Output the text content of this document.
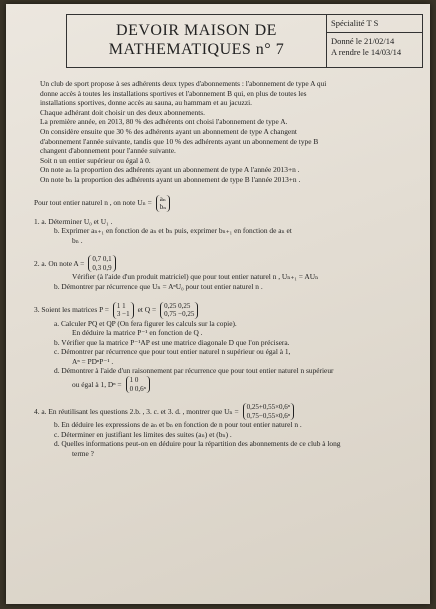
DEVOIR MAISON DE
MATHEMATIQUES n° 7
Spécialité T S
Donné le 21/02/14
A rendre le 14/03/14

Un club de sport propose à ses adhérents deux types d'abonnements : l'abonnement de type A qui

donne accès à toutes les installations sportives et l'abonnement B qui, en plus de toutes les

installations sportives, donne accès au sauna, au hammam et au jacuzzi.

Chaque adhérant doit choisir un des deux abonnements.

La première année, en 2013, 80 % des adhérents ont choisi l'abonnement de type A.

On considère ensuite que 30 % des adhérents ayant un abonnement de type A changent

d'abonnement l'année suivante, tandis que 10 % des adhérents ayant un abonnement de type B

changent d'abonnement pour l'année suivante.

Soit n un entier supérieur ou égal à 0.

On note aₙ la proportion des adhérents ayant un abonnement de type A l'année 2013+n .

On note bₙ la proportion des adhérents ayant un abonnement de type B l'année 2013+n .

Pour tout entier naturel n , on note Uₙ = aₙ
bₙ

1. a. Déterminer U₀ et U₁ .

b. Exprimer aₙ₊₁ en fonction de aₙ et bₙ puis, exprimer bₙ₊₁ en fonction de aₙ et

bₙ .

2. a. On note A = 0,7 0,1
0,3 0,9

Vérifier (à l'aide d'un produit matriciel) que pour tout entier naturel n , Uₙ₊₁ = AUₙ

b. Démontrer par récurrence que Uₙ = AⁿU₀ pour tout entier naturel n .

3. Soient les matrices P = 1 1
3 −1 et Q = 0,25 0,25
0,75 −0,25

a. Calculer PQ et QP (On fera figurer les calculs sur la copie).

En déduire la matrice P⁻¹ en fonction de Q .

b. Vérifier que la matrice P⁻¹AP est une matrice diagonale D que l'on précisera.

c. Démontrer par récurrence que pour tout entier naturel n supérieur ou égal à 1,

Aⁿ = PDⁿP⁻¹ .

d. Démontrer à l'aide d'un raisonnement par récurrence que pour tout entier naturel n supérieur

ou égal à 1, Dⁿ = 1 0
0 0,6ⁿ
4. a. En réutilisant les questions 2.b. , 3. c. et 3. d. , montrer que Uₙ = 0,25+0,55×0,6ⁿ
0,75−0,55×0,6ⁿ

b. En déduire les expressions de aₙ et bₙ en fonction de n pour tout entier naturel n .

c. Déterminer en justifiant les limites des suites (aₙ) et (bₙ) .

d. Quelles informations peut-on en déduire pour la répartition des abonnements de ce club à long

terme ?
